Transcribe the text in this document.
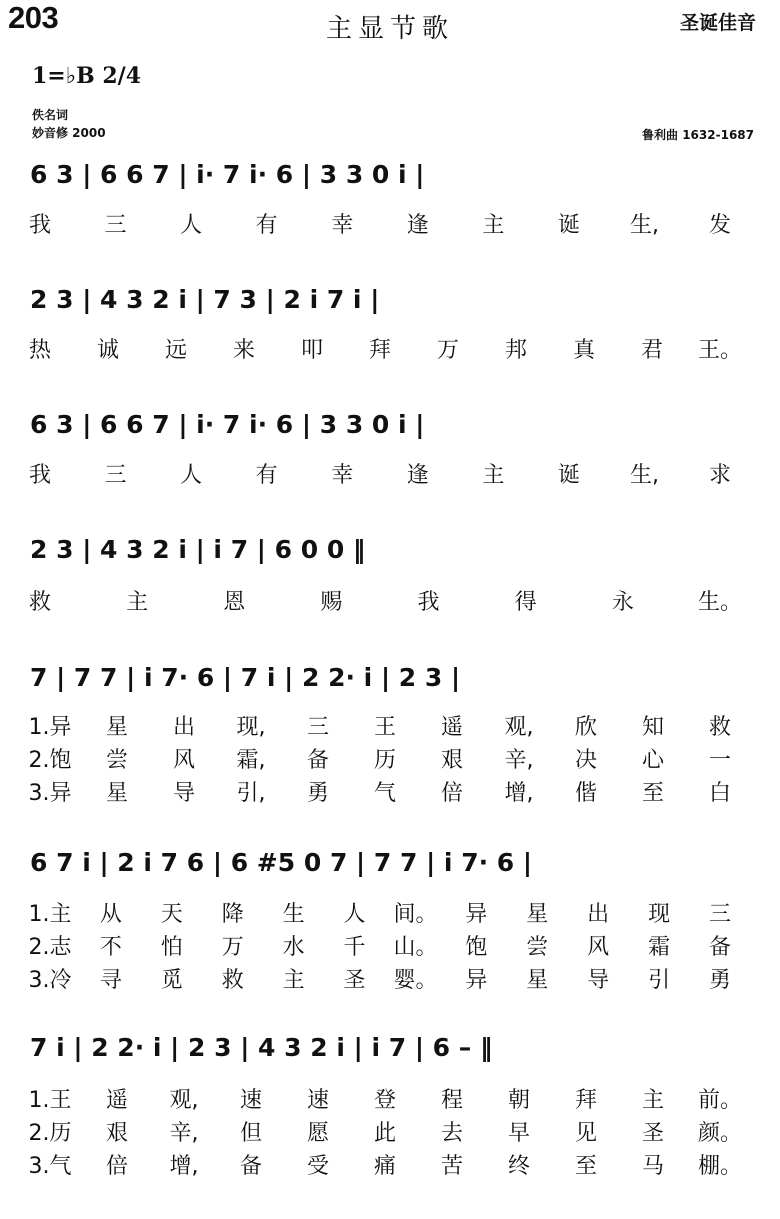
203	主显节歌	圣诞佳音
1=♭B 2/4
佚名词
妙音修 2000	鲁利曲 1632-1687
6 3 | 6 6 7 | i· 7 i· 6 | 3 3 0 i |
我 三 人 有 幸 逢 主 诞 生, 发
2 3 | 4 3 2 i | 7 3 | 2 i 7 i |
热 诚 远 来 叩 拜 万 邦 真 君 王。
6 3 | 6 6 7 | i· 7 i· 6 | 3 3 0 i |
我 三 人 有 幸 逢 主 诞 生, 求
2 3 | 4 3 2 i | i 7 | 6 0 0 ‖
救	主	恩	赐	我	得	永	生。
7 | 7 7 | i 7· 6 | 7 i | 2 2· i | 2 3 |
1.异 星 出 现, 三 王 遥 观, 欣 知 救
2.饱 尝 风 霜, 备 历 艰 辛, 决 心 一
3.异 星 导 引, 勇 气 倍 增, 偕 至 白
6 7 i | 2 i 7 6 | 6 #5 0 7 | 7 7 | i 7· 6 |
1.主 从 天 降 生 人 间。 异 星 出 现 三
2.志 不 怕 万 水 千 山。 饱 尝 风 霜 备
3.冷 寻 觅 救 主 圣 婴。 异 星 导 引 勇
7 i | 2 2· i | 2 3 | 4 3 2 i | i 7 | 6 – ‖
1.王 遥 观, 速 速 登 程 朝 拜 主 前。
2.历 艰 辛, 但 愿 此 去 早 见 圣 颜。
3.气 倍 增, 备 受 痛 苦 终 至 马 棚。
